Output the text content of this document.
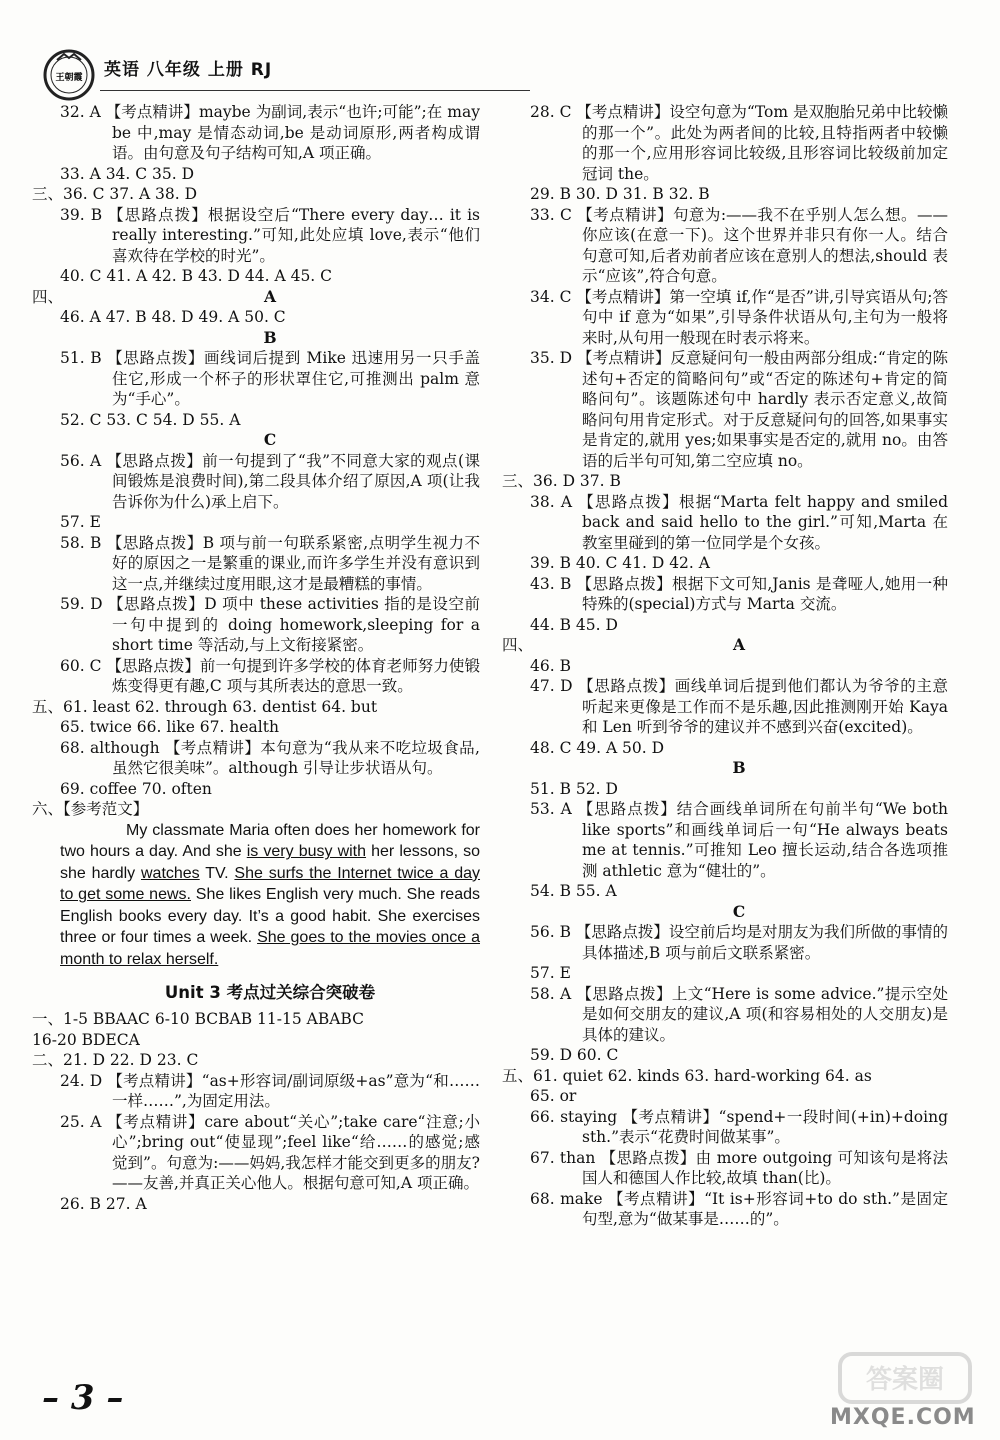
王朝霞 英语 八年级 上册 RJ

32. A 【考点精讲】maybe 为副词,表示“也许;可能”;在 may be 中,may 是情态动词,be 是动词原形,两者构成谓语。由句意及句子结构可知,A 项正确。

33. A 34. C 35. D

三、36. C 37. A 38. D

39. B 【思路点拨】根据设空后“There every day… it is really interesting.”可知,此处应填 love,表示“他们喜欢待在学校的时光”。

40. C 41. A 42. B 43. D 44. A 45. C

四、	A

46. A 47. B 48. D 49. A 50. C

B

51. B 【思路点拨】画线词后提到 Mike 迅速用另一只手盖住它,形成一个杯子的形状罩住它,可推测出 palm 意为“手心”。

52. C 53. C 54. D 55. A

C

56. A 【思路点拨】前一句提到了“我”不同意大家的观点(课间锻炼是浪费时间),第二段具体介绍了原因,A 项(让我告诉你为什么)承上启下。

57. E

58. B 【思路点拨】B 项与前一句联系紧密,点明学生视力不好的原因之一是繁重的课业,而许多学生并没有意识到这一点,并继续过度用眼,这才是最糟糕的事情。

59. D 【思路点拨】D 项中 these activities 指的是设空前一句中提到的 doing homework,sleeping for a short time 等活动,与上文衔接紧密。

60. C 【思路点拨】前一句提到许多学校的体育老师努力使锻炼变得更有趣,C 项与其所表达的意思一致。

五、61. least 62. through 63. dentist 64. but

65. twice 66. like 67. health

68. although 【考点精讲】本句意为“我从来不吃垃圾食品,虽然它很美味”。although 引导让步状语从句。

69. coffee 70. often

六、【参考范文】

My classmate Maria often does her homework for two hours a day. And she is very busy with her lessons, so she hardly watches TV. She surfs the Internet twice a day to get some news. She likes English very much. She reads English books every day. It’s a good habit. She exercises three or four times a week. She goes to the movies once a month to relax herself.

Unit 3 考点过关综合突破卷

一、1-5 BBAAC 6-10 BCBAB 11-15 ABABC

16-20 BDECA

二、21. D 22. D 23. C

24. D 【考点精讲】“as+形容词/副词原级+as”意为“和……一样……”,为固定用法。

25. A 【考点精讲】care about“关心”;take care“注意;小心”;bring out“使显现”;feel like“给……的感觉;感觉到”。句意为:——妈妈,我怎样才能交到更多的朋友?——友善,并真正关心他人。根据句意可知,A 项正确。

26. B 27. A

28. C 【考点精讲】设空句意为“Tom 是双胞胎兄弟中比较懒的那一个”。此处为两者间的比较,且特指两者中较懒的那一个,应用形容词比较级,且形容词比较级前加定冠词 the。

29. B 30. D 31. B 32. B

33. C 【考点精讲】句意为:——我不在乎别人怎么想。——你应该(在意一下)。这个世界并非只有你一人。结合句意可知,后者劝前者应该在意别人的想法,should 表示“应该”,符合句意。

34. C 【考点精讲】第一空填 if,作“是否”讲,引导宾语从句;答句中 if 意为“如果”,引导条件状语从句,主句为一般将来时,从句用一般现在时表示将来。

35. D 【考点精讲】反意疑问句一般由两部分组成:“肯定的陈述句+否定的简略问句”或“否定的陈述句+肯定的简略问句”。该题陈述句中 hardly 表示否定意义,故简略问句用肯定形式。对于反意疑问句的回答,如果事实是肯定的,就用 yes;如果事实是否定的,就用 no。由答语的后半句可知,第二空应填 no。

三、36. D 37. B

38. A 【思路点拨】根据“Marta felt happy and smiled back and said hello to the girl.”可知,Marta 在教室里碰到的第一位同学是个女孩。

39. B 40. C 41. D 42. A

43. B 【思路点拨】根据下文可知,Janis 是聋哑人,她用一种特殊的(special)方式与 Marta 交流。

44. B 45. D

四、	A

46. B

47. D 【思路点拨】画线单词后提到他们都认为爷爷的主意听起来更像是工作而不是乐趣,因此推测刚开始 Kaya 和 Len 听到爷爷的建议并不感到兴奋(excited)。

48. C 49. A 50. D

B

51. B 52. D

53. A 【思路点拨】结合画线单词所在句前半句“We both like sports”和画线单词后一句“He always beats me at tennis.”可推知 Leo 擅长运动,结合各选项推测 athletic 意为“健壮的”。

54. B 55. A

C

56. B 【思路点拨】设空前后均是对朋友为我们所做的事情的具体描述,B 项与前后文联系紧密。

57. E

58. A 【思路点拨】上文“Here is some advice.”提示空处是如何交朋友的建议,A 项(和容易相处的人交朋友)是具体的建议。

59. D 60. C

五、61. quiet 62. kinds 63. hard-working 64. as

65. or

66. staying 【考点精讲】“spend+一段时间(+in)+doing sth.”表示“花费时间做某事”。

67. than 【思路点拨】由 more outgoing 可知该句是将法国人和德国人作比较,故填 than(比)。

68. make 【考点精讲】“It is+形容词+to do sth.”是固定句型,意为“做某事是……的”。

– 3 –	答案圈
MXQE.COM
